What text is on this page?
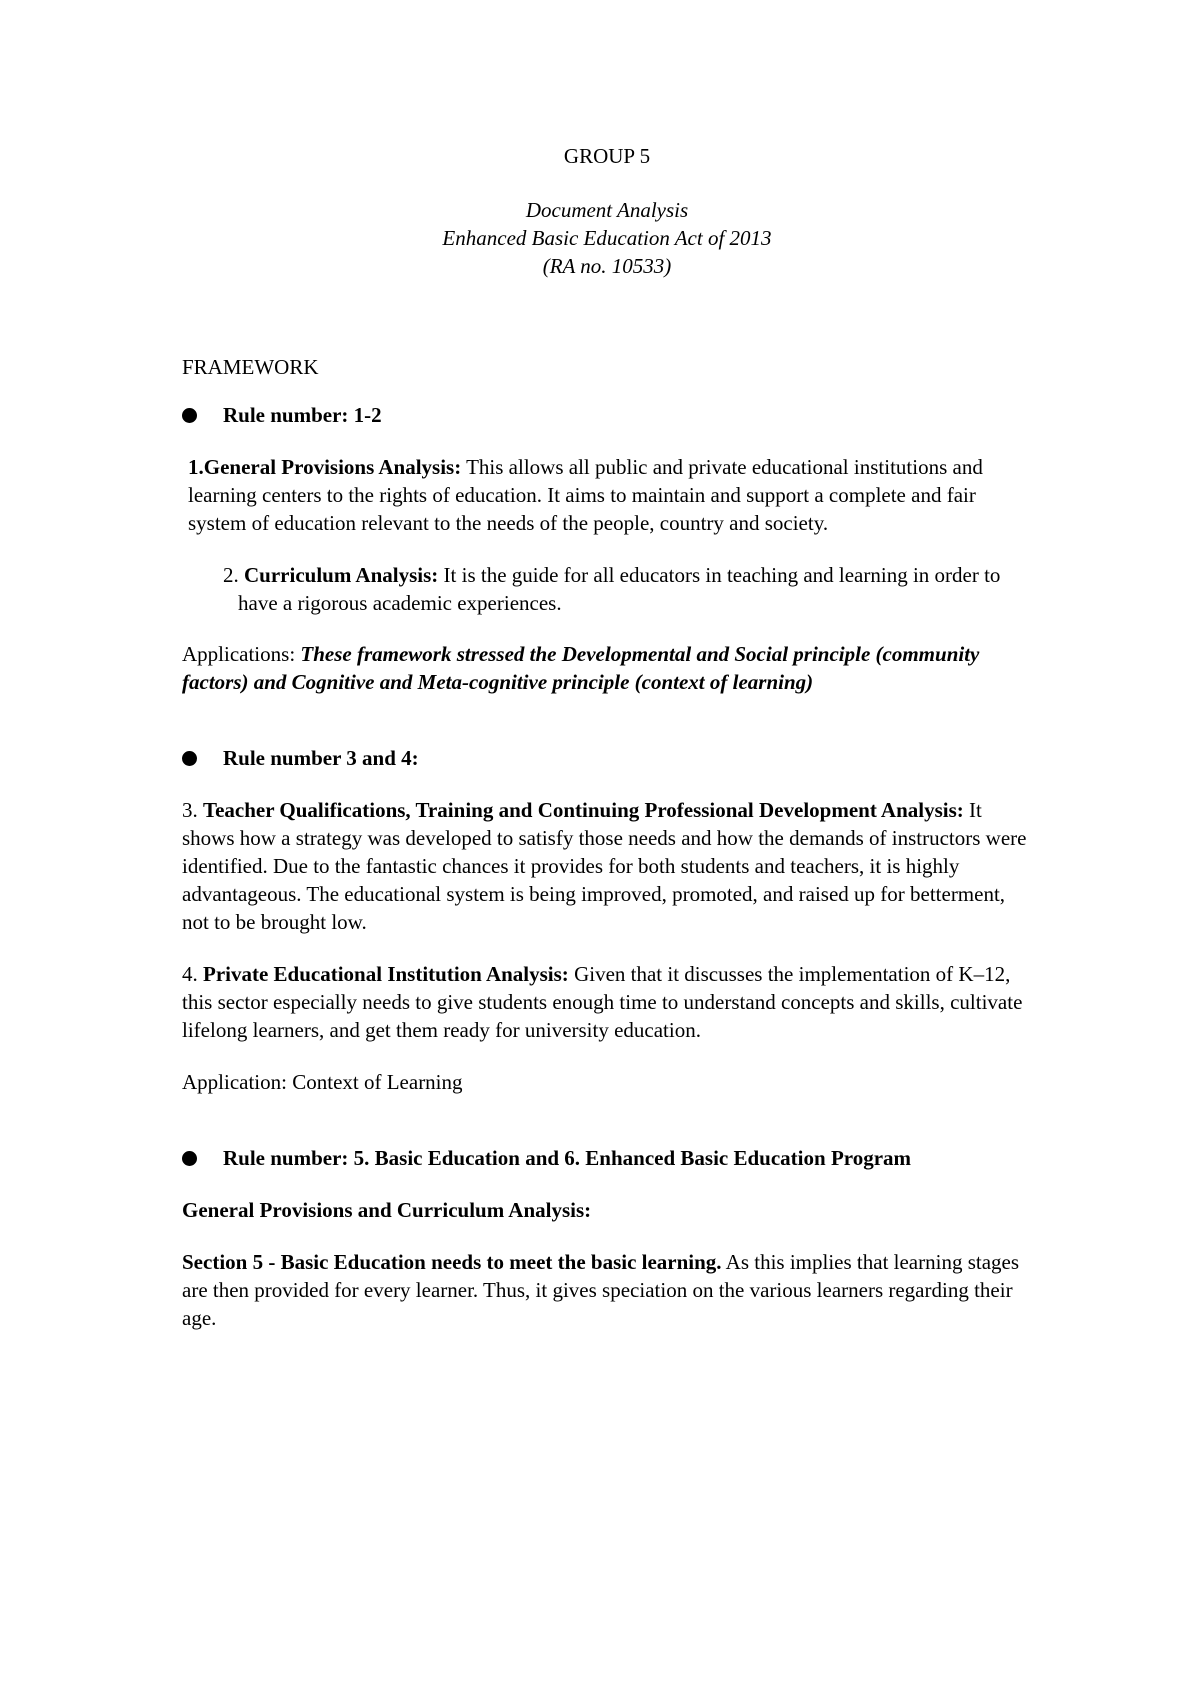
GROUP 5

Document Analysis

Enhanced Basic Education Act of 2013

(RA no. 10533)

FRAMEWORK

Rule number: 1-2

1.General Provisions Analysis: This allows all public and private educational institutions and learning centers to the rights of education. It aims to maintain and support a complete and fair system of education relevant to the needs of the people, country and society.

2. Curriculum Analysis: It is the guide for all educators in teaching and learning in order to have a rigorous academic experiences.

Applications: These framework stressed the Developmental and Social principle (community factors) and Cognitive and Meta-cognitive principle (context of learning)

Rule number 3 and 4:

3. Teacher Qualifications, Training and Continuing Professional Development Analysis: It shows how a strategy was developed to satisfy those needs and how the demands of instructors were identified. Due to the fantastic chances it provides for both students and teachers, it is highly advantageous. The educational system is being improved, promoted, and raised up for betterment, not to be brought low.

4. Private Educational Institution Analysis: Given that it discusses the implementation of K–12, this sector especially needs to give students enough time to understand concepts and skills, cultivate lifelong learners, and get them ready for university education.

Application: Context of Learning

Rule number: 5. Basic Education and 6. Enhanced Basic Education Program

General Provisions and Curriculum Analysis:

Section 5 - Basic Education needs to meet the basic learning. As this implies that learning stages are then provided for every learner. Thus, it gives speciation on the various learners regarding their age.
